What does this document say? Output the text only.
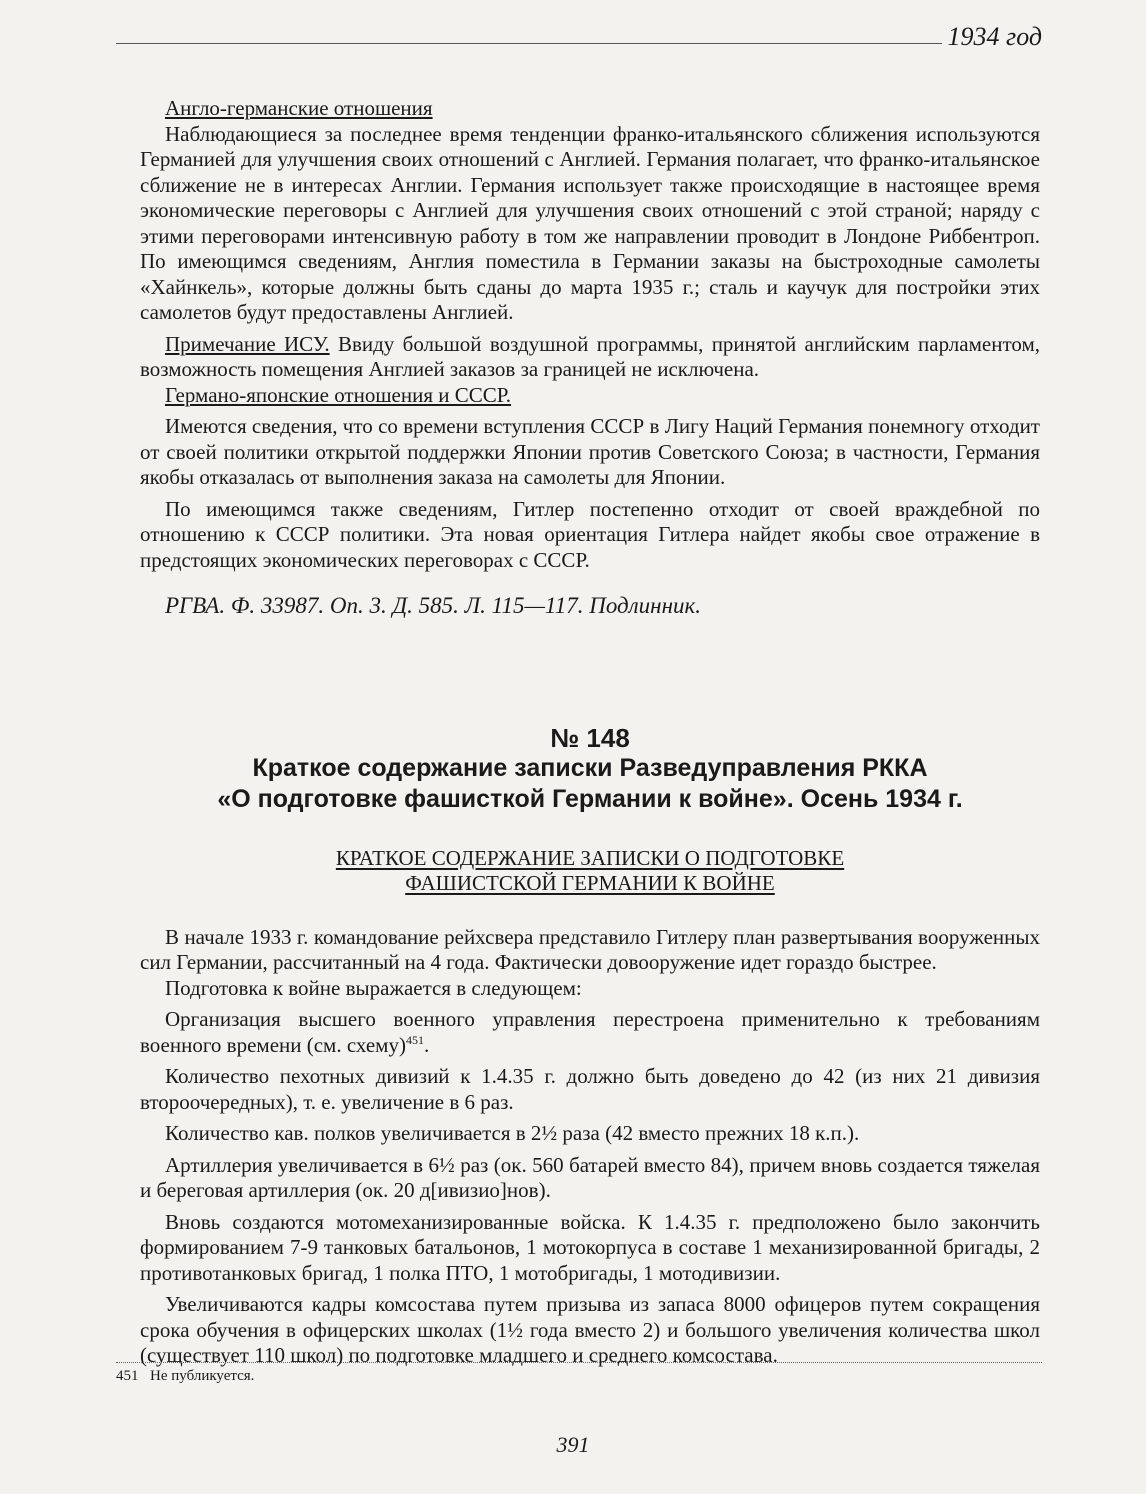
1934 год

Англо-германские отношения

Наблюдающиеся за последнее время тенденции франко-итальянского сближения используются Германией для улучшения своих отношений с Англией. Германия полагает, что франко-итальянское сближение не в интересах Англии. Германия использует также происходящие в настоящее время экономические переговоры с Англией для улучшения своих отношений с этой страной; наряду с этими переговорами интенсивную работу в том же направлении проводит в Лондоне Риббентроп. По имеющимся сведениям, Англия поместила в Германии заказы на быстроходные самолеты «Хайнкель», которые должны быть сданы до марта 1935 г.; сталь и каучук для постройки этих самолетов будут предоставлены Англией.

Примечание ИСУ. Ввиду большой воздушной программы, принятой английским парламентом, возможность помещения Англией заказов за границей не исключена.

Германо-японские отношения и СССР.

Имеются сведения, что со времени вступления СССР в Лигу Наций Германия понемногу отходит от своей политики открытой поддержки Японии против Советского Союза; в частности, Германия якобы отказалась от выполнения заказа на самолеты для Японии.

По имеющимся также сведениям, Гитлер постепенно отходит от своей враждебной по отношению к СССР политики. Эта новая ориентация Гитлера найдет якобы свое отражение в предстоящих экономических переговорах с СССР.

РГВА. Ф. 33987. Оп. 3. Д. 585. Л. 115—117. Подлинник.

№ 148
Краткое содержание записки Разведуправления РККА
«О подготовке фашисткой Германии к войне». Осень 1934 г.
КРАТКОЕ СОДЕРЖАНИЕ ЗАПИСКИ О ПОДГОТОВКЕ
ФАШИСТСКОЙ ГЕРМАНИИ К ВОЙНЕ

В начале 1933 г. командование рейхсвера представило Гитлеру план развертывания вооруженных сил Германии, рассчитанный на 4 года. Фактически довооружение идет гораздо быстрее.

Подготовка к войне выражается в следующем:

Организация высшего военного управления перестроена применительно к требованиям военного времени (см. схему)$^{451}$.

Количество пехотных дивизий к 1.4.35 г. должно быть доведено до 42 (из них 21 дивизия второочередных), т. е. увеличение в 6 раз.

Количество кав. полков увеличивается в 2½ раза (42 вместо прежних 18 к.п.).

Артиллерия увеличивается в 6½ раз (ок. 560 батарей вместо 84), причем вновь создается тяжелая и береговая артиллерия (ок. 20 д[ивизио]нов).

Вновь создаются мотомеханизированные войска. К 1.4.35 г. предположено было закончить формированием 7-9 танковых батальонов, 1 мотокорпуса в составе 1 механизированной бригады, 2 противотанковых бригад, 1 полка ПТО, 1 мотобригады, 1 мотодивизии.

Увеличиваются кадры комсостава путем призыва из запаса 8000 офицеров путем сокращения срока обучения в офицерских школах (1½ года вместо 2) и большого увеличения количества школ (существует 110 школ) по подготовке младшего и среднего комсостава.

451 Не публикуется.
391
